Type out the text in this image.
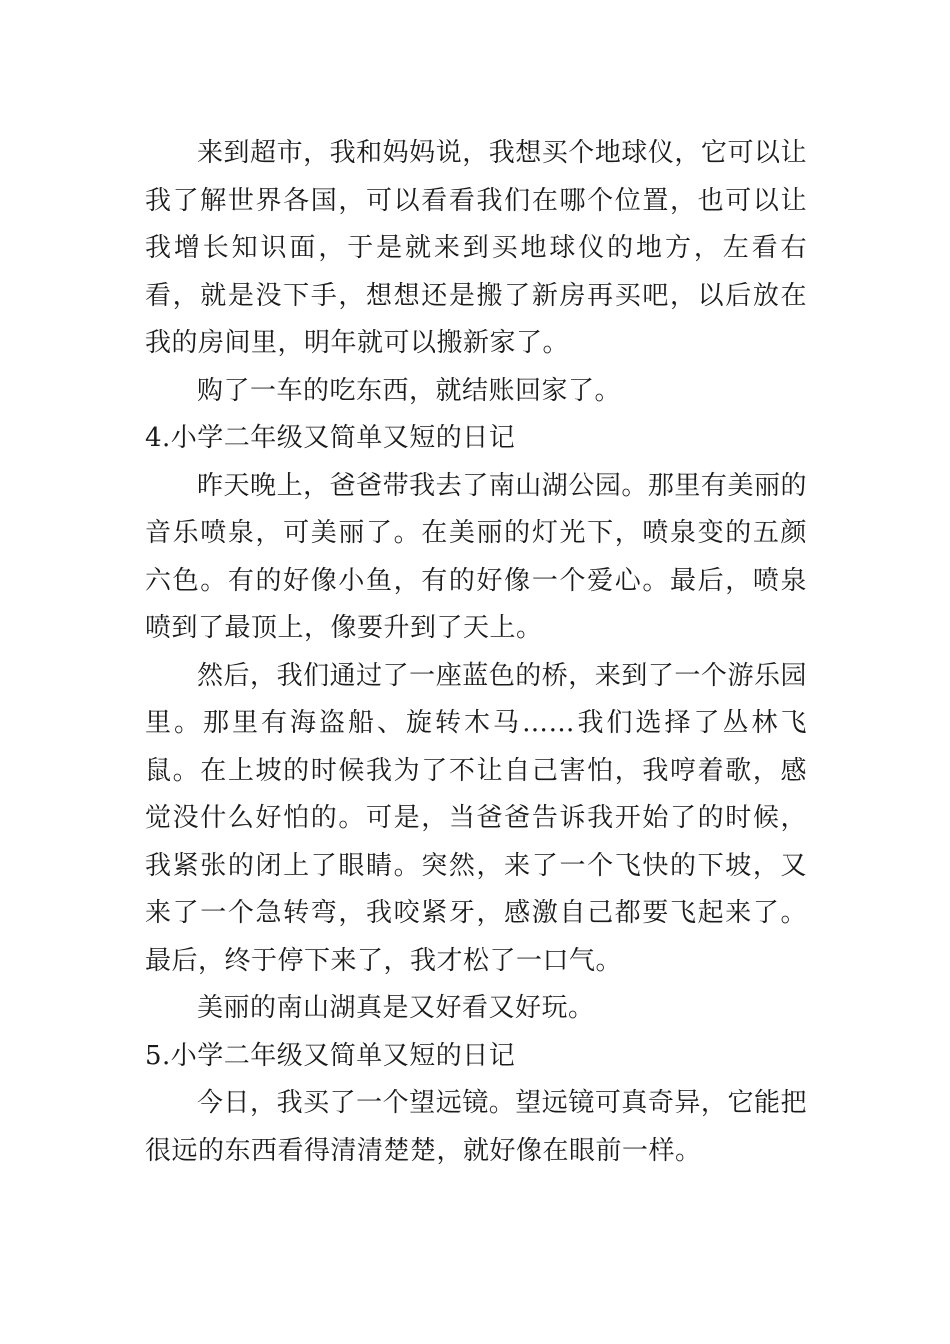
来到超市，我和妈妈说，我想买个地球仪，它可以让我了解世界各国，可以看看我们在哪个位置，也可以让我增长知识面，于是就来到买地球仪的地方，左看右看，就是没下手，想想还是搬了新房再买吧，以后放在我的房间里，明年就可以搬新家了。

购了一车的吃东西，就结账回家了。

4.小学二年级又简单又短的日记

昨天晚上，爸爸带我去了南山湖公园。那里有美丽的音乐喷泉，可美丽了。在美丽的灯光下，喷泉变的五颜六色。有的好像小鱼，有的好像一个爱心。最后，喷泉喷到了最顶上，像要升到了天上。

然后，我们通过了一座蓝色的桥，来到了一个游乐园里。那里有海盗船、旋转木马……我们选择了丛林飞鼠。在上坡的时候我为了不让自己害怕，我哼着歌，感觉没什么好怕的。可是，当爸爸告诉我开始了的时候，我紧张的闭上了眼睛。突然，来了一个飞快的下坡，又来了一个急转弯，我咬紧牙，感激自己都要飞起来了。最后，终于停下来了，我才松了一口气。

美丽的南山湖真是又好看又好玩。

5.小学二年级又简单又短的日记

今日，我买了一个望远镜。望远镜可真奇异，它能把很远的东西看得清清楚楚，就好像在眼前一样。
